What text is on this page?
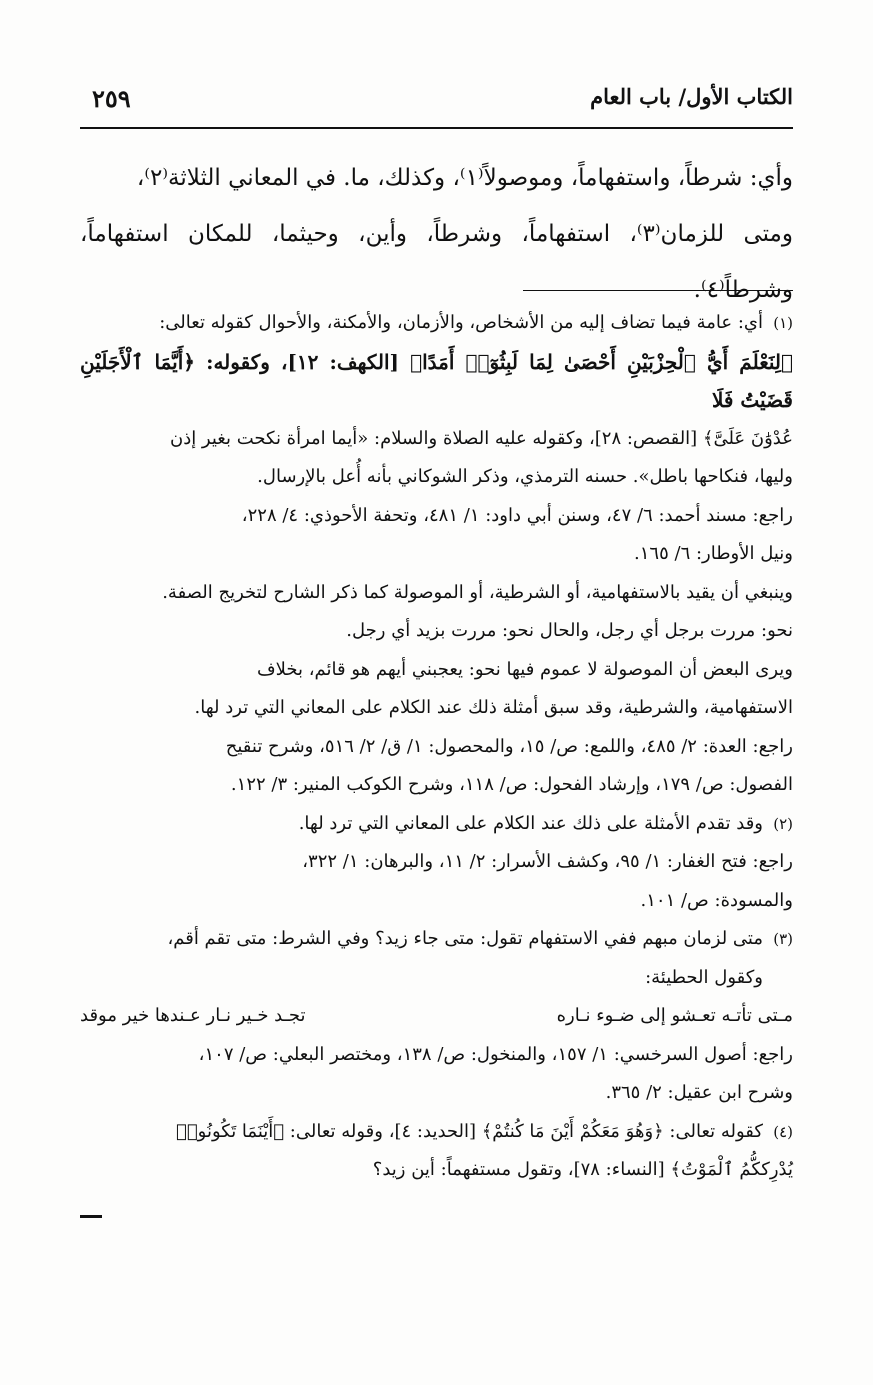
الكتاب الأول/ باب العام
٢٥٩

وأي: شرطاً، واستفهاماً، وموصولاً⁽١⁾، وكذلك، ما. في المعاني الثلاثة⁽٢⁾،

ومتى للزمان⁽٣⁾، استفهاماً، وشرطاً، وأين، وحيثما، للمكان استفهاماً، وشرطاً⁽٤⁾.

(١)
أي: عامة فيما تضاف إليه من الأشخاص، والأزمان، والأمكنة، والأحوال كقوله تعالى:

﴿لِنَعْلَمَ أَيُّ ٱلْحِزْبَيْنِ أَحْصَىٰ لِمَا لَبِثُوٓا۟ أَمَدًا﴾ [الكهف: ١٢]، وكقوله: ﴿أَيَّمَا ٱلْأَجَلَيْنِ قَضَيْتُ فَلَا

عُدْوَٰنَ عَلَىَّ﴾ [القصص: ٢٨]، وكقوله عليه الصلاة والسلام: «أيما امرأة نكحت بغير إذن

وليها، فنكاحها باطل». حسنه الترمذي، وذكر الشوكاني بأنه أُعل بالإرسال.

راجع: مسند أحمد: ٦/ ٤٧، وسنن أبي داود: ١/ ٤٨١، وتحفة الأحوذي: ٤/ ٢٢٨،

ونيل الأوطار: ٦/ ١٦٥.

وينبغي أن يقيد بالاستفهامية، أو الشرطية، أو الموصولة كما ذكر الشارح لتخريج الصفة.

نحو: مررت برجل أي رجل، والحال نحو: مررت بزيد أي رجل.

ويرى البعض أن الموصولة لا عموم فيها نحو: يعجبني أيهم هو قائم، بخلاف

الاستفهامية، والشرطية، وقد سبق أمثلة ذلك عند الكلام على المعاني التي ترد لها.

راجع: العدة: ٢/ ٤٨٥، واللمع: ص/ ١٥، والمحصول: ١/ ق/ ٢/ ٥١٦، وشرح تنقيح

الفصول: ص/ ١٧٩، وإرشاد الفحول: ص/ ١١٨، وشرح الكوكب المنير: ٣/ ١٢٢.

(٢)
وقد تقدم الأمثلة على ذلك عند الكلام على المعاني التي ترد لها.

راجع: فتح الغفار: ١/ ٩٥، وكشف الأسرار: ٢/ ١١، والبرهان: ١/ ٣٢٢،

والمسودة: ص/ ١٠١.

(٣)
متى لزمان مبهم ففي الاستفهام تقول: متى جاء زيد؟ وفي الشرط: متى تقم أقم،

وكقول الحطيئة:

مـتى تأتـه تعـشو إلى ضـوء نـاره
تجـد خـير نـار عـندها خير موقد

راجع: أصول السرخسي: ١/ ١٥٧، والمنخول: ص/ ١٣٨، ومختصر البعلي: ص/ ١٠٧،

وشرح ابن عقيل: ٢/ ٣٦٥.

(٤)
كقوله تعالى: ﴿وَهُوَ مَعَكُمْ أَيْنَ مَا كُنتُمْ﴾ [الحديد: ٤]، وقوله تعالى: ﴿أَيْنَمَا تَكُونُوا۟

يُدْرِككُّمُ ٱلْمَوْتُ﴾ [النساء: ٧٨]، وتقول مستفهماً: أين زيد؟
